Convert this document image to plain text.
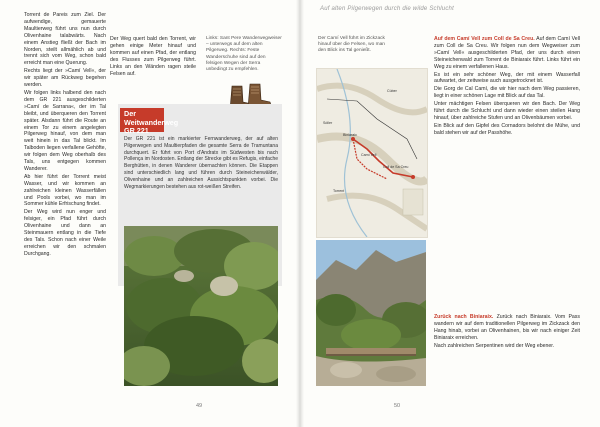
Auf alten Pilgerwegen durch die wilde Schlucht

Torrent de Pareis zum Ziel. Der aufwendige, gemauerte Maultierweg führt uns nun durch Olivenhaine talabwärts. Nach einem Anstieg fließt der Bach im Norden, steilt allmählich ab und trennt sich vom Weg, schon bald erreicht man eine Querung.

Rechts liegt der »Camí Vell«, der wir später am Rückweg begehen werden.

Wir folgen links halbend den nach dem GR 221 ausgeschilderten »Camí de Sarrana«, der im Tal bleibt, und überqueren den Torrent später. Alsdann führt die Route an einem Tor zu einem angelegten Pilgerweg hinauf, von dem man weit hinein in das Tal blickt. Im Talboden liegen verfallene Gehöfte, wir folgen dem Weg oberhalb des Tals, uns entgegen kommen Wanderer.

Ab hier führt der Torrent meist Wasser, und wir kommen an zahlreichen kleinen Wasserfällen und Pools vorbei, wo man im Sommer kühle Erfrischung findet.

Der Weg wird nun enger und felsiger, ein Pfad führt durch Olivenhaine und dann an Steinmauern entlang in die Tiefe des Tals. Schon nach einer Weile erreichen wir den schmalen Durchgang.

Der Weg quert bald den Torrent, wir gehen einige Meter hinauf und kommen auf einen Pfad, der entlang des Flusses zum Pilgerweg führt. Links an den Wänden ragen steile Felsen auf.

Links: Sant Pere Wanderwegweiser – unterwegs auf dem alten Pilgerweg. Rechts: Feste Wanderschuhe sind auf den felsigen Wegen der Serra unbedingt zu empfehlen.
Der Weitwanderweg
GR 221
Der GR 221 ist ein markierter Fernwanderweg, der auf alten Pilgerwegen und Maultierpfaden die gesamte Serra de Tramuntana durchquert. Er führt von Port d'Andratx im Südwesten bis nach Pollença im Nordosten. Entlang der Strecke gibt es Refugis, einfache Berghütten, in denen Wanderer übernachten können. Die Etappen sind unterschiedlich lang und führen durch Steineichenwälder, Olivenhaine und an zahlreichen Aussichtspunkten vorbei. Die Wegmarkierungen bestehen aus rot-weißen Streifen.
49
Der Camí Vell führt im Zickzack hinauf über die Felsen, wo man den Blick ins Tal genießt.
Sóller
Biniaraix
Camí Vell
Coll de Sa Creu
Cúber
Torrent

Auf dem Camí Vell zum Coll de Sa Creu. Auf dem Camí Vell zum Coll de Sa Creu. Wir folgen nun dem Wegweiser zum »Camí Vell« ausgeschilderten Pfad, der uns durch einen Steineichenwald zum Torrent de Biniaraix führt. Links führt ein Weg zu einem verfallenen Haus.

Es ist ein sehr schöner Weg, der mit einem Wasserfall aufwartet, der zeitweise auch ausgetrocknet ist.

Die Gorg de Cal Camí, die wir hier nach dem Weg passieren, liegt in einer schönen Lage mit Blick auf das Tal.

Unter mächtigen Felsen überqueren wir den Bach. Der Weg führt durch die Schlucht und dann wieder einen steilen Hang hinauf, über zahlreiche Stufen und an Olivenbäumen vorbei.

Ein Blick auf den Gipfel des Cornadors belohnt die Mühe, und bald stehen wir auf der Passhöhe.

Zurück nach Biniaraix. Zurück nach Biniaraix. Vom Pass wandern wir auf dem traditionellen Pilgerweg im Zickzack den Hang hinab, vorbei an Olivenhainen, bis wir nach einiger Zeit Biniaraix erreichen.

Nach zahlreichen Serpentinen wird der Weg ebener.

50
